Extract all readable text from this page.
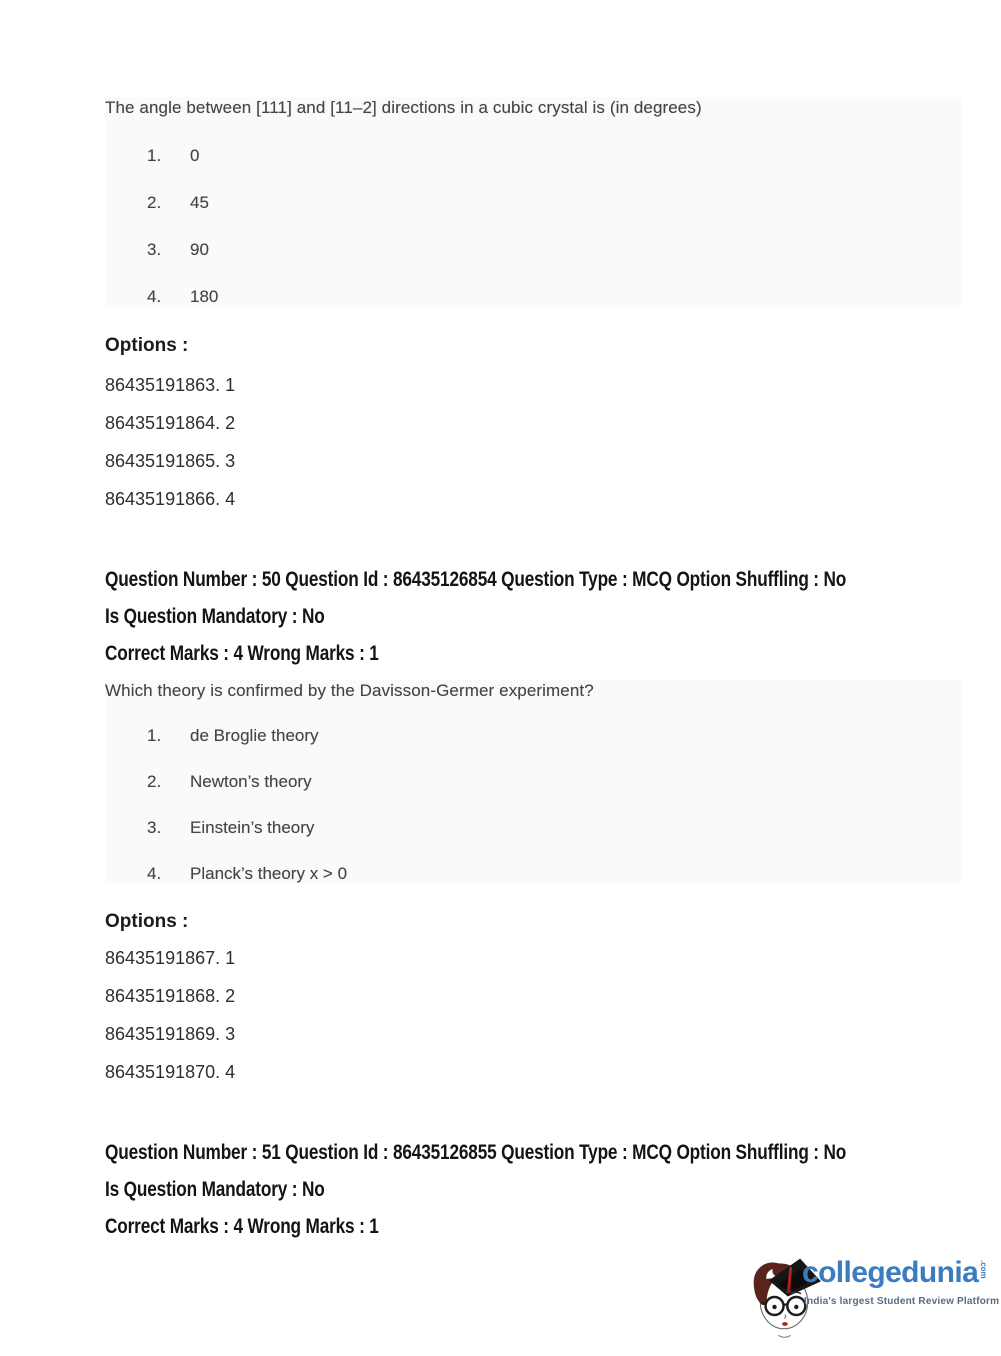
The angle between [111] and [11–2] directions in a cubic crystal is (in degrees)
1. 0
2. 45
3. 90
4. 180
Options :
86435191863. 1
86435191864. 2
86435191865. 3
86435191866. 4
Question Number : 50 Question Id : 86435126854 Question Type : MCQ Option Shuffling : No
Is Question Mandatory : No
Correct Marks : 4 Wrong Marks : 1
Which theory is confirmed by the Davisson-Germer experiment?
1. de Broglie theory
2. Newton’s theory
3. Einstein’s theory
4. Planck’s theory x > 0
Options :
86435191867. 1
86435191868. 2
86435191869. 3
86435191870. 4
Question Number : 51 Question Id : 86435126855 Question Type : MCQ Option Shuffling : No
Is Question Mandatory : No
Correct Marks : 4 Wrong Marks : 1
collegedunia.com
India's largest Student Review Platform
